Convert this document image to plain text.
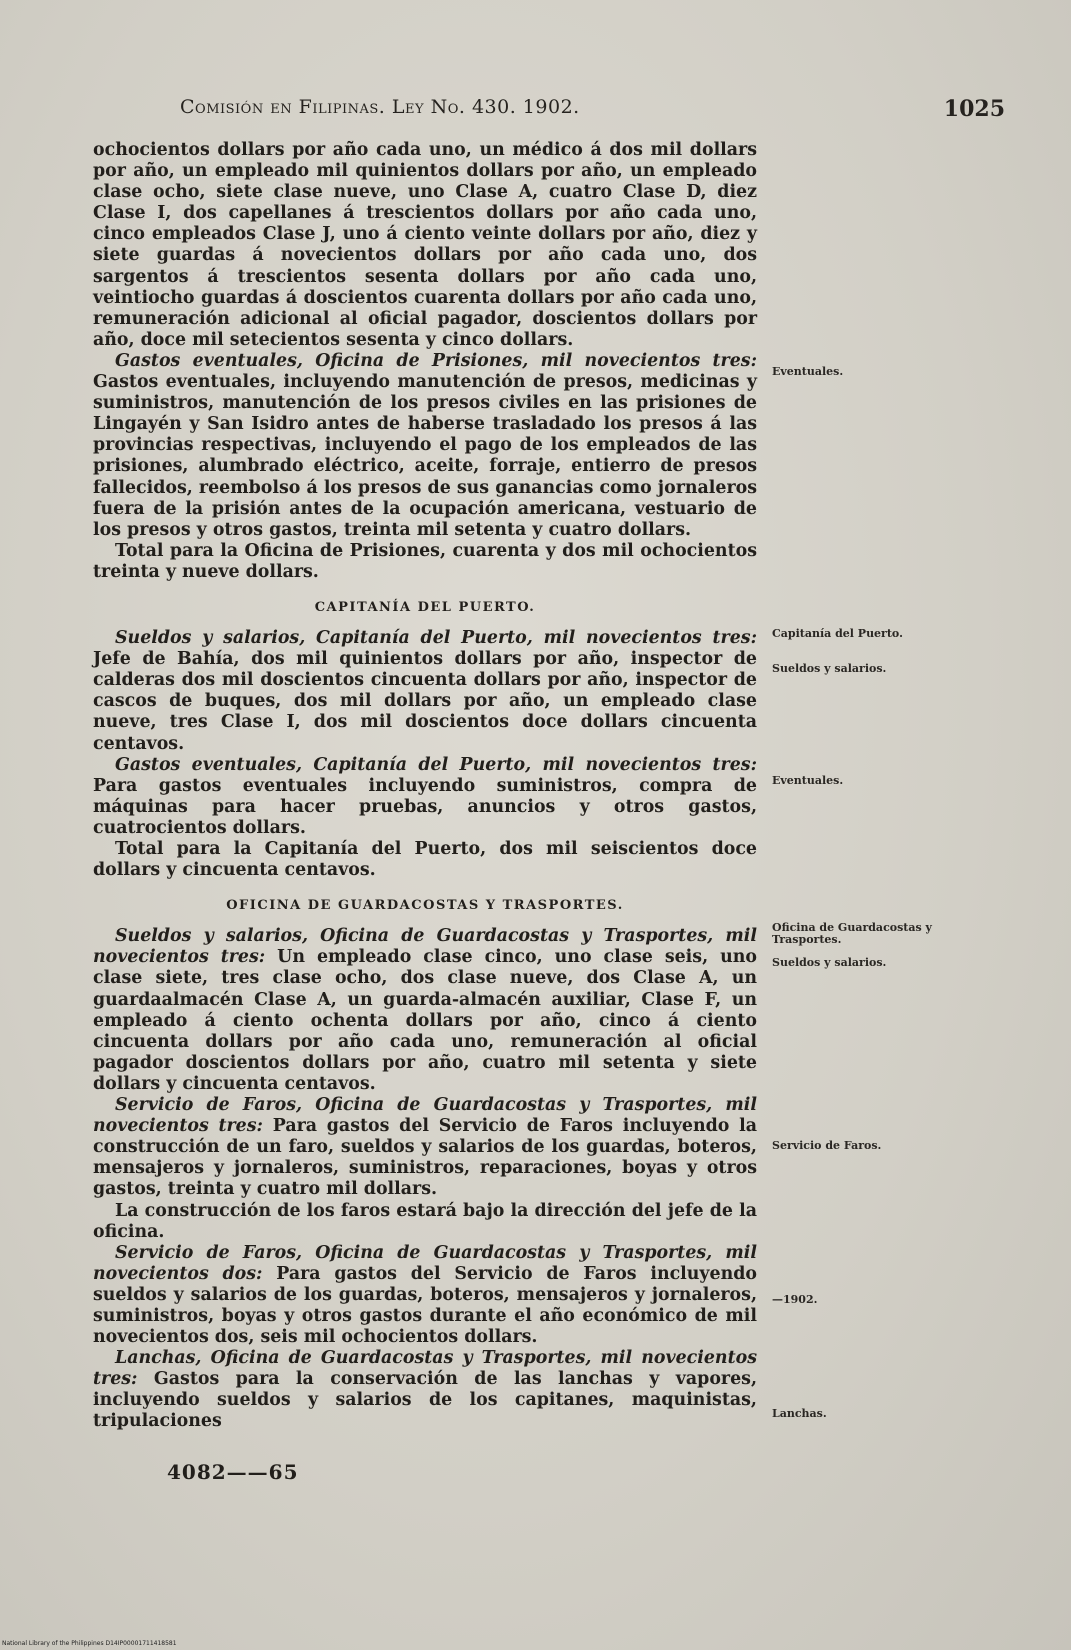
Comisión en Filipinas. Ley No. 430. 1902.	1025

ochocientos dollars por año cada uno, un médico á dos mil dollars por año, un empleado mil quinientos dollars por año, un empleado clase ocho, siete clase nueve, uno Clase A, cuatro Clase D, diez Clase I, dos capellanes á trescientos dollars por año cada uno, cinco empleados Clase J, uno á ciento veinte dollars por año, diez y siete guardas á novecientos dollars por año cada uno, dos sargentos á trescientos sesenta dollars por año cada uno, veintiocho guardas á doscientos cuarenta dollars por año cada uno, remuneración adicional al oficial pagador, doscientos dollars por año, doce mil setecientos sesenta y cinco dollars.

Gastos eventuales, Oficina de Prisiones, mil novecientos tres: Gastos eventuales, incluyendo manutención de presos, medicinas y suministros, manutención de los presos civiles en las prisiones de Lingayén y San Isidro antes de haberse trasladado los presos á las provincias respectivas, incluyendo el pago de los empleados de las prisiones, alumbrado eléctrico, aceite, forraje, entierro de presos fallecidos, reembolso á los presos de sus ganancias como jornaleros fuera de la prisión antes de la ocupación americana, vestuario de los presos y otros gastos, treinta mil setenta y cuatro dollars.

Total para la Oficina de Prisiones, cuarenta y dos mil ochocientos treinta y nueve dollars.

CAPITANÍA DEL PUERTO.

Sueldos y salarios, Capitanía del Puerto, mil novecientos tres: Jefe de Bahía, dos mil quinientos dollars por año, inspector de calderas dos mil doscientos cincuenta dollars por año, inspector de cascos de buques, dos mil dollars por año, un empleado clase nueve, tres Clase I, dos mil doscientos doce dollars cincuenta centavos.

Gastos eventuales, Capitanía del Puerto, mil novecientos tres: Para gastos eventuales incluyendo suministros, compra de máquinas para hacer pruebas, anuncios y otros gastos, cuatrocientos dollars.

Total para la Capitanía del Puerto, dos mil seiscientos doce dollars y cincuenta centavos.

OFICINA DE GUARDACOSTAS Y TRASPORTES.

Sueldos y salarios, Oficina de Guardacostas y Trasportes, mil novecientos tres: Un empleado clase cinco, uno clase seis, uno clase siete, tres clase ocho, dos clase nueve, dos Clase A, un guardaalmacén Clase A, un guarda-almacén auxiliar, Clase F, un empleado á ciento ochenta dollars por año, cinco á ciento cincuenta dollars por año cada uno, remuneración al oficial pagador doscientos dollars por año, cuatro mil setenta y siete dollars y cincuenta centavos.

Servicio de Faros, Oficina de Guardacostas y Trasportes, mil novecientos tres: Para gastos del Servicio de Faros incluyendo la construcción de un faro, sueldos y salarios de los guardas, boteros, mensajeros y jornaleros, suministros, reparaciones, boyas y otros gastos, treinta y cuatro mil dollars.

La construcción de los faros estará bajo la dirección del jefe de la oficina.

Servicio de Faros, Oficina de Guardacostas y Trasportes, mil novecientos dos: Para gastos del Servicio de Faros incluyendo sueldos y salarios de los guardas, boteros, mensajeros y jornaleros, suministros, boyas y otros gastos durante el año económico de mil novecientos dos, seis mil ochocientos dollars.

Lanchas, Oficina de Guardacostas y Trasportes, mil novecientos tres: Gastos para la conservación de las lanchas y vapores, incluyendo sueldos y salarios de los capitanes, maquinistas, tripulaciones

Eventuales.
Capitanía del Puerto.
Sueldos y salarios.
Eventuales.
Oficina de Guardacostas y Trasportes.
Sueldos y salarios.
Servicio de Faros.
—1902.
Lanchas.
4082——65
National Library of the Philippines D14IP00001711418581
